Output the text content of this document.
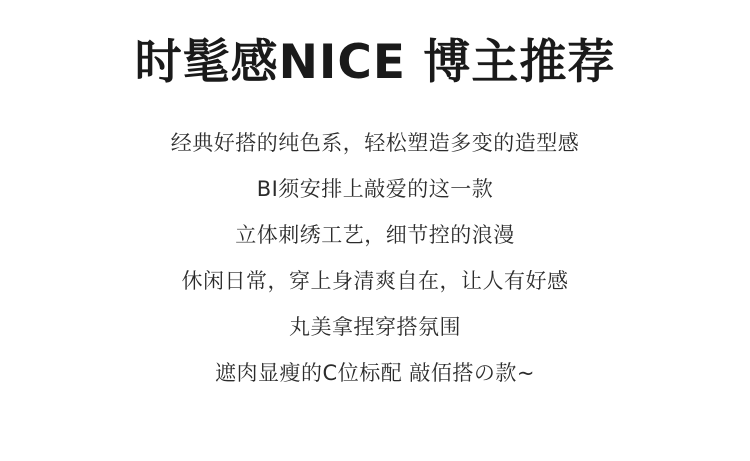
时髦感NICE 博主推荐
经典好搭的纯色系，轻松塑造多变的造型感
BI须安排上敲爱的这一款
立体刺绣工艺，细节控的浪漫
休闲日常，穿上身清爽自在，让人有好感
丸美拿捏穿搭氛围
遮肉显瘦的C位标配 敲佰搭の款~
